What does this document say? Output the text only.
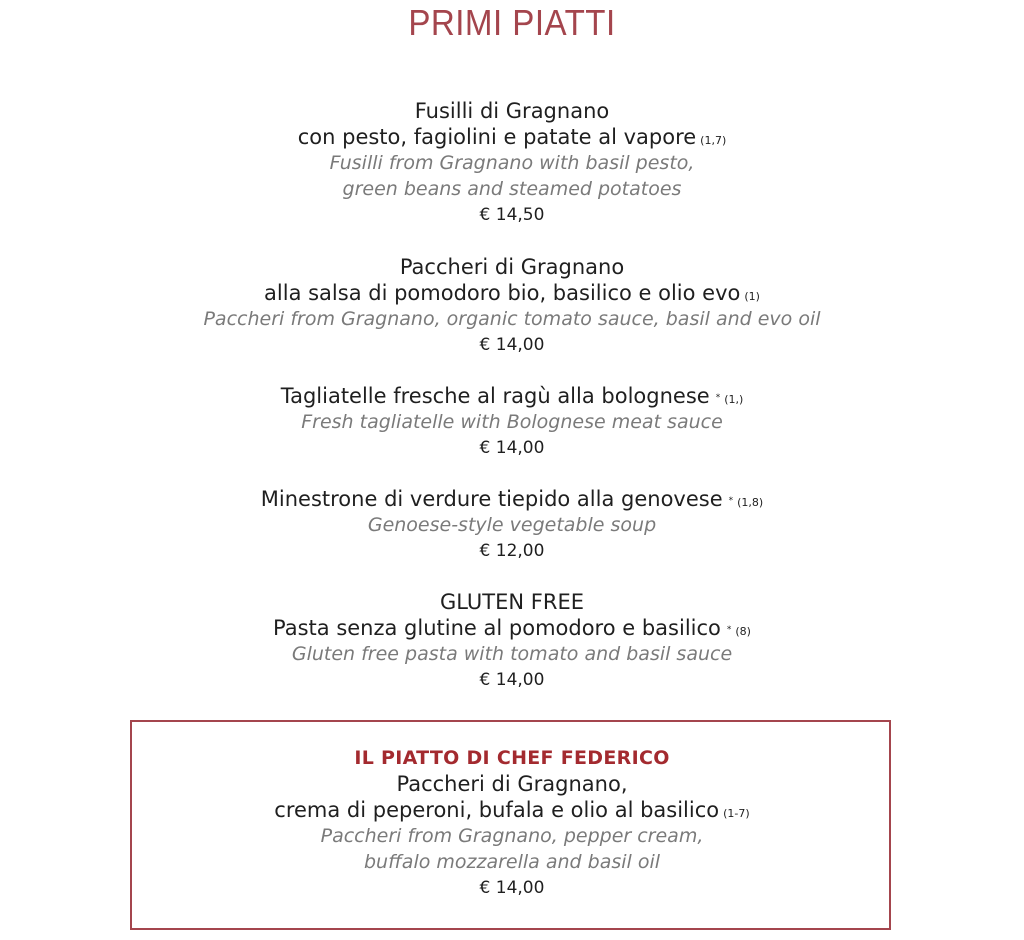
PRIMI PIATTI
Fusilli di Gragnano
con pesto, fagiolini e patate al vapore (1,7)
Fusilli from Gragnano with basil pesto,
green beans and steamed potatoes
€ 14,50
Paccheri di Gragnano
alla salsa di pomodoro bio, basilico e olio evo (1)
Paccheri from Gragnano, organic tomato sauce, basil and evo oil
€ 14,00
Tagliatelle fresche al ragù alla bolognese * (1,)
Fresh tagliatelle with Bolognese meat sauce
€ 14,00
Minestrone di verdure tiepido alla genovese * (1,8)
Genoese-style vegetable soup
€ 12,00
GLUTEN FREE
Pasta senza glutine al pomodoro e basilico * (8)
Gluten free pasta with tomato and basil sauce
€ 14,00
IL PIATTO DI CHEF FEDERICO
Paccheri di Gragnano,
crema di peperoni, bufala e olio al basilico (1-7)
Paccheri from Gragnano, pepper cream,
buffalo mozzarella and basil oil
€ 14,00
